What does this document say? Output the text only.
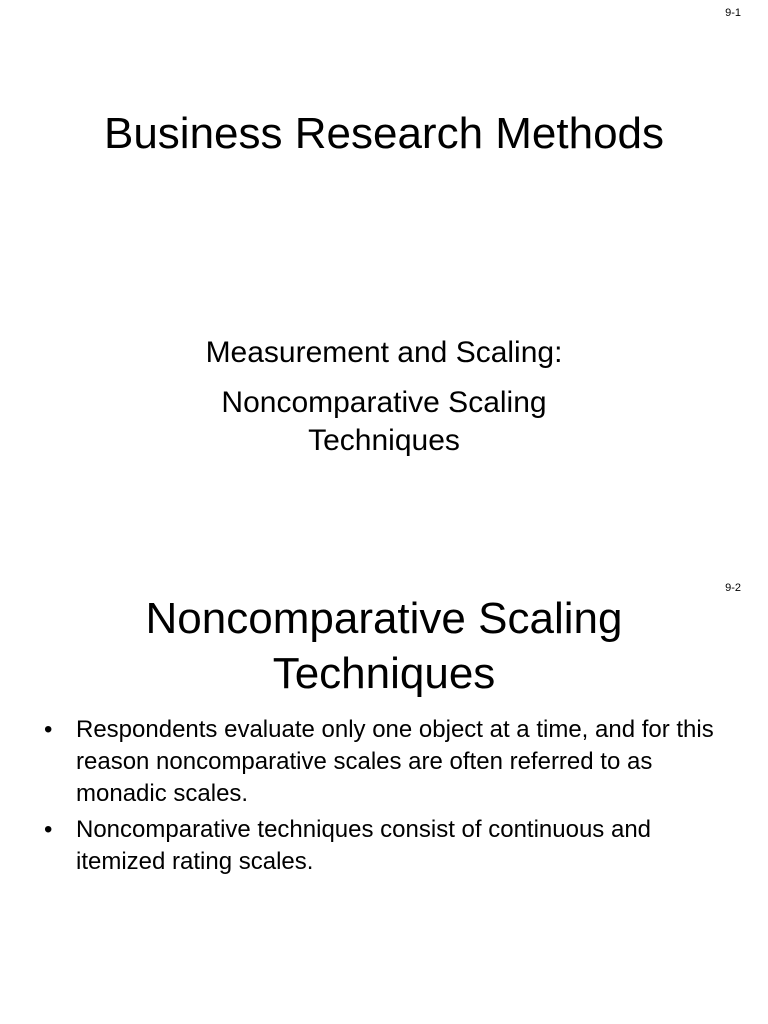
9-1
Business Research Methods
Measurement and Scaling:
Noncomparative Scaling
Techniques
9-2
Noncomparative Scaling
Techniques
• Respondents evaluate only one object at a time, and for this reason noncomparative scales are often referred to as monadic scales.
• Noncomparative techniques consist of continuous and itemized rating scales.
